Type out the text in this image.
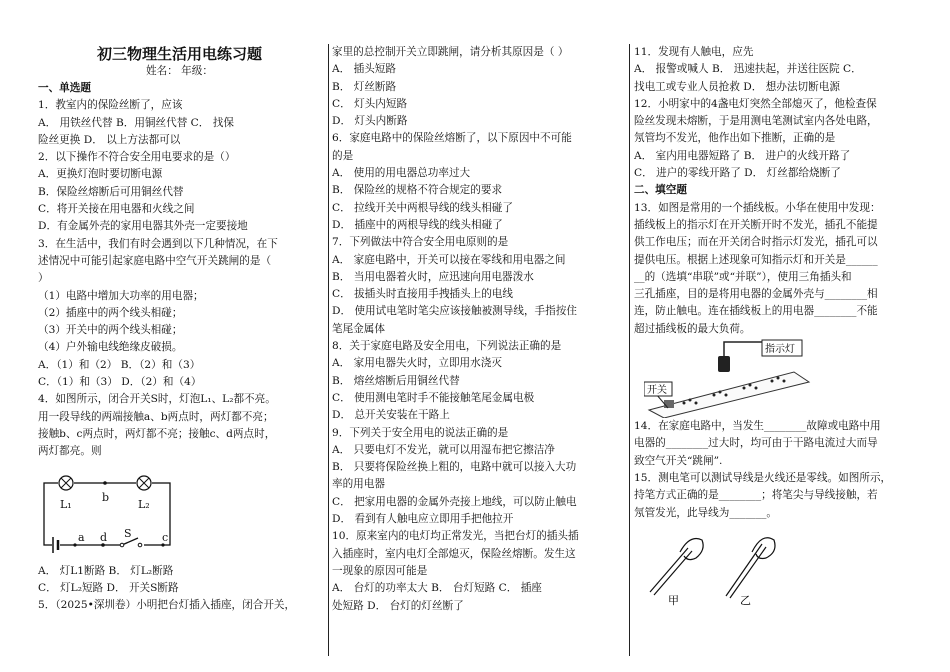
初三物理生活用电练习题
姓名： 年级：
一、单选题
1．教室内的保险丝断了，应该
A． 用铁丝代替 B．用铜丝代替 C． 找保
险丝更换 D． 以上方法都可以
2．以下操作不符合安全用电要求的是（）
A．更换灯泡时要切断电源
B．保险丝熔断后可用铜丝代替
C．将开关接在用电器和火线之间
D．有金属外壳的家用电器其外壳一定要接地
3．在生活中，我们有时会遇到以下几种情况，在下
述情况中可能引起家庭电路中空气开关跳闸的是（
）
（1）电路中增加大功率的用电器；
（2）插座中的两个线头相碰；
（3）开关中的两个线头相碰；
（4）户外输电线绝缘皮破损。
A．（1）和（2） B．（2）和（3）
C．（1）和（3） D．（2）和（4）
4．如图所示，闭合开关S时，灯泡L₁、L₂都不亮。
用一段导线的两端接触a、b两点时，两灯都不亮；
接触b、c两点时，两灯都不亮；接触c、d两点时，
两灯都亮。则
L₁	L₂
b
a d S	c
A． 灯L1断路 B． 灯L₂断路
C． 灯L₂短路 D． 开关S断路
5．（2025•深圳卷）小明把台灯插入插座，闭合开关，
家里的总控制开关立即跳闸，请分析其原因是（ ）
A． 插头短路
B． 灯丝断路
C． 灯头内短路
D． 灯头内断路
6．家庭电路中的保险丝熔断了，以下原因中不可能
的是
A． 使用的用电器总功率过大
B． 保险丝的规格不符合规定的要求
C． 拉线开关中两根导线的线头相碰了
D． 插座中的两根导线的线头相碰了
7．下列做法中符合安全用电原则的是
A． 家庭电路中，开关可以接在零线和用电器之间
B． 当用电器着火时，应迅速向用电器泼水
C． 拔插头时直接用手拽插头上的电线
D． 使用试电笔时笔尖应该接触被测导线，手指按住
笔尾金属体
8．关于家庭电路及安全用电，下列说法正确的是
A． 家用电器失火时，立即用水浇灭
B． 熔丝熔断后用铜丝代替
C． 使用测电笔时手不能接触笔尾金属电极
D． 总开关安装在干路上
9．下列关于安全用电的说法正确的是
A． 只要电灯不发光，就可以用湿布把它擦洁净
B． 只要将保险丝换上粗的，电路中就可以接入大功
率的用电器
C． 把家用电器的金属外壳接上地线，可以防止触电
D． 看到有人触电应立即用手把他拉开
10．原来室内的电灯均正常发光，当把台灯的插头插
入插座时，室内电灯全部熄灭，保险丝熔断。发生这
一现象的原因可能是
A． 台灯的功率太大 B． 台灯短路 C． 插座
处短路 D． 台灯的灯丝断了
11．发现有人触电，应先
A． 报警或喊人 B． 迅速扶起，并送往医院 C．
找电工或专业人员抢救 D． 想办法切断电源
12．小明家中的4盏电灯突然全部熄灭了，他检查保
险丝发现未熔断，于是用测电笔测试室内各处电路，
氖管均不发光，他作出如下推断，正确的是
A． 室内用电器短路了 B． 进户的火线开路了
C． 进户的零线开路了 D． 灯丝都给烧断了
二、填空题
13．如图是常用的一个插线板。小华在使用中发现：
插线板上的指示灯在开关断开时不发光，插孔不能提
供工作电压；而在开关闭合时指示灯发光，插孔可以
提供电压。根据上述现象可知指示灯和开关是______
__的（选填“串联”或“并联”），使用三角插头和
三孔插座，目的是将用电器的金属外壳与________相
连，防止触电。连在插线板上的用电器________不能
超过插线板的最大负荷。
指示灯
开关
14．在家庭电路中，当发生________故障或电路中用
电器的________过大时，均可由于干路电流过大而导
致空气开关“跳闸”.
15．测电笔可以测试导线是火线还是零线。如图所示，
持笔方式正确的是________；将笔尖与导线接触，若
氖管发光，此导线为_______。
甲	乙
